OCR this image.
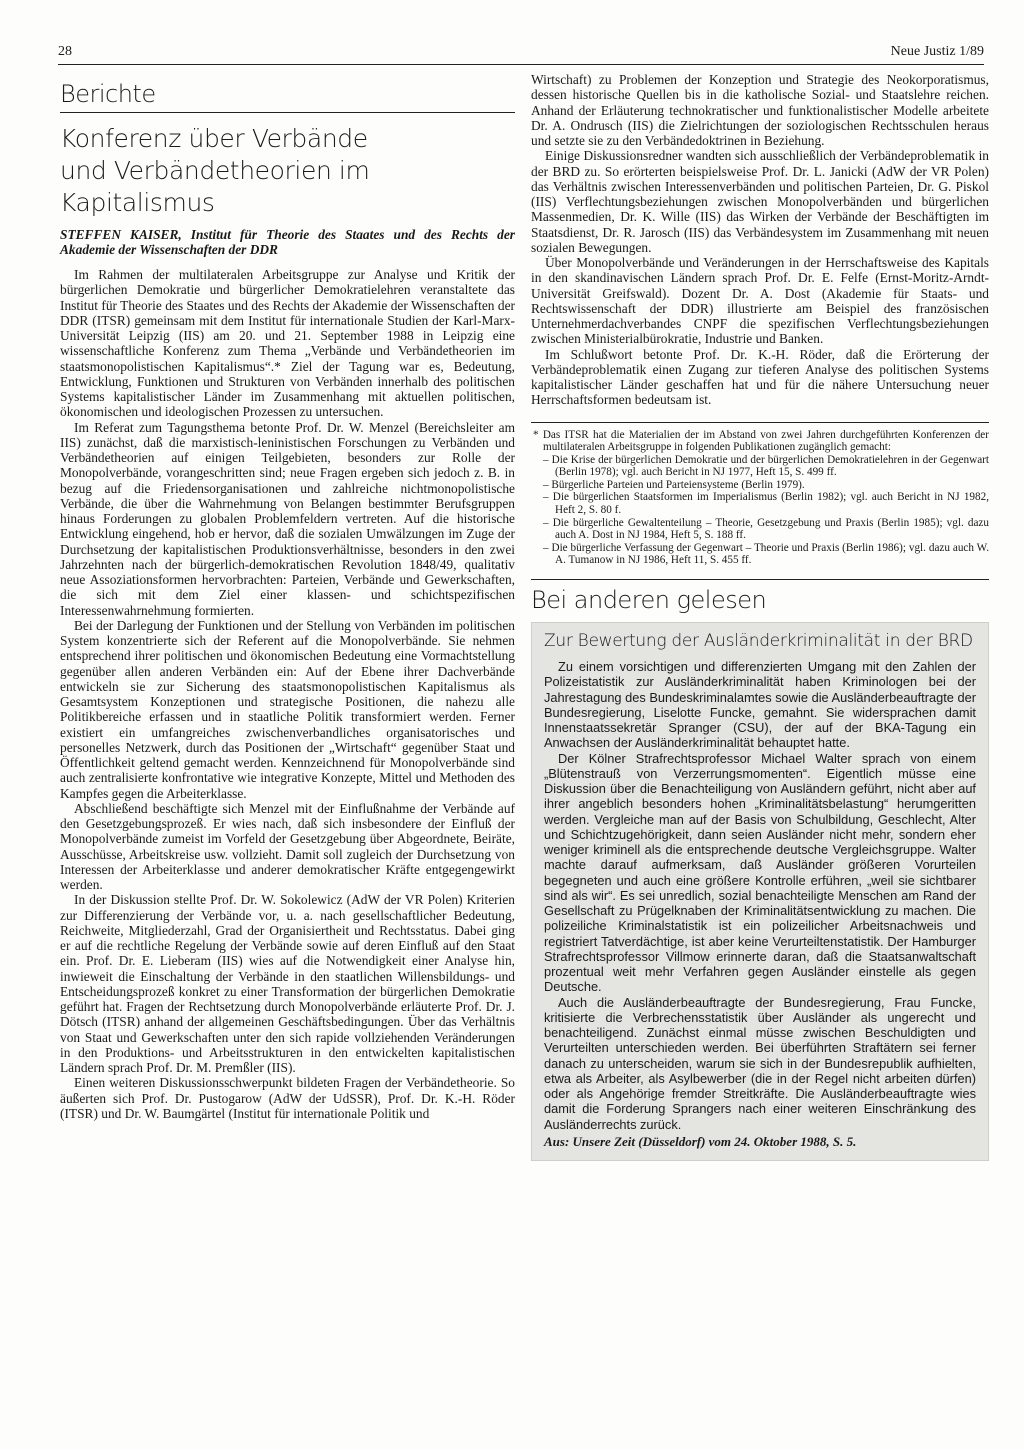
28	Neue Justiz 1/89
Berichte
Konferenz über Verbände
und Verbändetheorien im Kapitalismus

STEFFEN KAISER, Institut für Theorie des Staates und des Rechts der Akademie der Wissenschaften der DDR

Im Rahmen der multilateralen Arbeitsgruppe zur Analyse und Kritik der bürgerlichen Demokratie und bürgerlicher Demokratielehren veranstaltete das Institut für Theorie des Staates und des Rechts der Akademie der Wissenschaften der DDR (ITSR) gemeinsam mit dem Institut für internationale Studien der Karl-Marx-Universität Leipzig (IIS) am 20. und 21. September 1988 in Leipzig eine wissenschaftliche Konferenz zum Thema „Verbände und Verbändetheorien im staatsmonopolistischen Kapitalismus“.* Ziel der Tagung war es, Bedeutung, Entwicklung, Funktionen und Strukturen von Verbänden innerhalb des politischen Systems kapitalistischer Länder im Zusammenhang mit aktuellen politischen, ökonomischen und ideologischen Prozessen zu untersuchen.

Im Referat zum Tagungsthema betonte Prof. Dr. W. Menzel (Bereichsleiter am IIS) zunächst, daß die marxistisch-leninistischen Forschungen zu Verbänden und Verbändetheorien auf einigen Teilgebieten, besonders zur Rolle der Monopolverbände, vorangeschritten sind; neue Fragen ergeben sich jedoch z. B. in bezug auf die Friedensorganisationen und zahlreiche nichtmonopolistische Verbände, die über die Wahrnehmung von Belangen bestimmter Berufsgruppen hinaus Forderungen zu globalen Problemfeldern vertreten. Auf die historische Entwicklung eingehend, hob er hervor, daß die sozialen Umwälzungen im Zuge der Durchsetzung der kapitalistischen Produktionsverhältnisse, besonders in den zwei Jahrzehnten nach der bürgerlich-demokratischen Revolution 1848/49, qualitativ neue Assoziationsformen hervorbrachten: Parteien, Verbände und Gewerkschaften, die sich mit dem Ziel einer klassen- und schichtspezifischen Interessenwahrnehmung formierten.

Bei der Darlegung der Funktionen und der Stellung von Verbänden im politischen System konzentrierte sich der Referent auf die Monopolverbände. Sie nehmen entsprechend ihrer politischen und ökonomischen Bedeutung eine Vormachtstellung gegenüber allen anderen Verbänden ein: Auf der Ebene ihrer Dachverbände entwickeln sie zur Sicherung des staatsmonopolistischen Kapitalismus als Gesamtsystem Konzeptionen und strategische Positionen, die nahezu alle Politikbereiche erfassen und in staatliche Politik transformiert werden. Ferner existiert ein umfangreiches zwischenverbandliches organisatorisches und personelles Netzwerk, durch das Positionen der „Wirtschaft“ gegenüber Staat und Öffentlichkeit geltend gemacht werden. Kennzeichnend für Monopolverbände sind auch zentralisierte konfrontative wie integrative Konzepte, Mittel und Methoden des Kampfes gegen die Arbeiterklasse.

Abschließend beschäftigte sich Menzel mit der Einflußnahme der Verbände auf den Gesetzgebungsprozeß. Er wies nach, daß sich insbesondere der Einfluß der Monopolverbände zumeist im Vorfeld der Gesetzgebung über Abgeordnete, Beiräte, Ausschüsse, Arbeitskreise usw. vollzieht. Damit soll zugleich der Durchsetzung von Interessen der Arbeiterklasse und anderer demokratischer Kräfte entgegengewirkt werden.

In der Diskussion stellte Prof. Dr. W. Sokolewicz (AdW der VR Polen) Kriterien zur Differenzierung der Verbände vor, u. a. nach gesellschaftlicher Bedeutung, Reichweite, Mitgliederzahl, Grad der Organisiertheit und Rechtsstatus. Dabei ging er auf die rechtliche Regelung der Verbände sowie auf deren Einfluß auf den Staat ein. Prof. Dr. E. Lieberam (IIS) wies auf die Notwendigkeit einer Analyse hin, inwieweit die Einschaltung der Verbände in den staatlichen Willensbildungs- und Entscheidungsprozeß konkret zu einer Transformation der bürgerlichen Demokratie geführt hat. Fragen der Rechtsetzung durch Monopolverbände erläuterte Prof. Dr. J. Dötsch (ITSR) anhand der allgemeinen Geschäftsbedingungen. Über das Verhältnis von Staat und Gewerkschaften unter den sich rapide vollziehenden Veränderungen in den Produktions- und Arbeitsstrukturen in den entwickelten kapitalistischen Ländern sprach Prof. Dr. M. Premßler (IIS).

Einen weiteren Diskussionsschwerpunkt bildeten Fragen der Verbändetheorie. So äußerten sich Prof. Dr. Pustogarow (AdW der UdSSR), Prof. Dr. K.-H. Röder (ITSR) und Dr. W. Baumgärtel (Institut für internationale Politik und

Wirtschaft) zu Problemen der Konzeption und Strategie des Neokorporatismus, dessen historische Quellen bis in die katholische Sozial- und Staatslehre reichen. Anhand der Erläuterung technokratischer und funktionalistischer Modelle arbeitete Dr. A. Ondrusch (IIS) die Zielrichtungen der soziologischen Rechtsschulen heraus und setzte sie zu den Verbändedoktrinen in Beziehung.

Einige Diskussionsredner wandten sich ausschließlich der Verbändeproblematik in der BRD zu. So erörterten beispielsweise Prof. Dr. L. Janicki (AdW der VR Polen) das Verhältnis zwischen Interessenverbänden und politischen Parteien, Dr. G. Piskol (IIS) Verflechtungsbeziehungen zwischen Monopolverbänden und bürgerlichen Massenmedien, Dr. K. Wille (IIS) das Wirken der Verbände der Beschäftigten im Staatsdienst, Dr. R. Jarosch (IIS) das Verbändesystem im Zusammenhang mit neuen sozialen Bewegungen.

Über Monopolverbände und Veränderungen in der Herrschaftsweise des Kapitals in den skandinavischen Ländern sprach Prof. Dr. E. Felfe (Ernst-Moritz-Arndt-Universität Greifswald). Dozent Dr. A. Dost (Akademie für Staats- und Rechtswissenschaft der DDR) illustrierte am Beispiel des französischen Unternehmerdachverbandes CNPF die spezifischen Verflechtungsbeziehungen zwischen Ministerialbürokratie, Industrie und Banken.

Im Schlußwort betonte Prof. Dr. K.-H. Röder, daß die Erörterung der Verbändeproblematik einen Zugang zur tieferen Analyse des politischen Systems kapitalistischer Länder geschaffen hat und für die nähere Untersuchung neuer Herrschaftsformen bedeutsam ist.

* Das ITSR hat die Materialien der im Abstand von zwei Jahren durchgeführten Konferenzen der multilateralen Arbeitsgruppe in folgenden Publikationen zugänglich gemacht:

– Die Krise der bürgerlichen Demokratie und der bürgerlichen Demokratielehren in der Gegenwart (Berlin 1978); vgl. auch Bericht in NJ 1977, Heft 15, S. 499 ff.
– Bürgerliche Parteien und Parteiensysteme (Berlin 1979).
– Die bürgerlichen Staatsformen im Imperialismus (Berlin 1982); vgl. auch Bericht in NJ 1982, Heft 2, S. 80 f.
– Die bürgerliche Gewaltenteilung – Theorie, Gesetzgebung und Praxis (Berlin 1985); vgl. dazu auch A. Dost in NJ 1984, Heft 5, S. 188 ff.
– Die bürgerliche Verfassung der Gegenwart – Theorie und Praxis (Berlin 1986); vgl. dazu auch W. A. Tumanow in NJ 1986, Heft 11, S. 455 ff.
Bei anderen gelesen
Zur Bewertung der Ausländerkriminalität in der BRD

Zu einem vorsichtigen und differenzierten Umgang mit den Zahlen der Polizeistatistik zur Ausländerkriminalität haben Kriminologen bei der Jahrestagung des Bundeskriminalamtes sowie die Ausländerbeauftragte der Bundesregierung, Liselotte Funcke, gemahnt. Sie widersprachen damit Innenstaatssekretär Spranger (CSU), der auf der BKA-Tagung ein Anwachsen der Ausländerkriminalität behauptet hatte.

Der Kölner Strafrechtsprofessor Michael Walter sprach von einem „Blütenstrauß von Verzerrungsmomenten“. Eigentlich müsse eine Diskussion über die Benachteiligung von Ausländern geführt, nicht aber auf ihrer angeblich besonders hohen „Kriminalitätsbelastung“ herumgeritten werden. Vergleiche man auf der Basis von Schulbildung, Geschlecht, Alter und Schichtzugehörigkeit, dann seien Ausländer nicht mehr, sondern eher weniger kriminell als die entsprechende deutsche Vergleichsgruppe. Walter machte darauf aufmerksam, daß Ausländer größeren Vorurteilen begegneten und auch eine größere Kontrolle erführen, „weil sie sichtbarer sind als wir“. Es sei unredlich, sozial benachteiligte Menschen am Rand der Gesellschaft zu Prügelknaben der Kriminalitätsentwicklung zu machen. Die polizeiliche Kriminalstatistik ist ein polizeilicher Arbeitsnachweis und registriert Tatverdächtige, ist aber keine Verurteiltenstatistik. Der Hamburger Strafrechtsprofessor Villmow erinnerte daran, daß die Staatsanwaltschaft prozentual weit mehr Verfahren gegen Ausländer einstelle als gegen Deutsche.

Auch die Ausländerbeauftragte der Bundesregierung, Frau Funcke, kritisierte die Verbrechensstatistik über Ausländer als ungerecht und benachteiligend. Zunächst einmal müsse zwischen Beschuldigten und Verurteilten unterschieden werden. Bei überführten Straftätern sei ferner danach zu unterscheiden, warum sie sich in der Bundesrepublik aufhielten, etwa als Arbeiter, als Asylbewerber (die in der Regel nicht arbeiten dürfen) oder als Angehörige fremder Streitkräfte. Die Ausländerbeauftragte wies damit die Forderung Sprangers nach einer weiteren Einschränkung des Ausländerrechts zurück.

Aus: Unsere Zeit (Düsseldorf) vom 24. Oktober 1988, S. 5.
